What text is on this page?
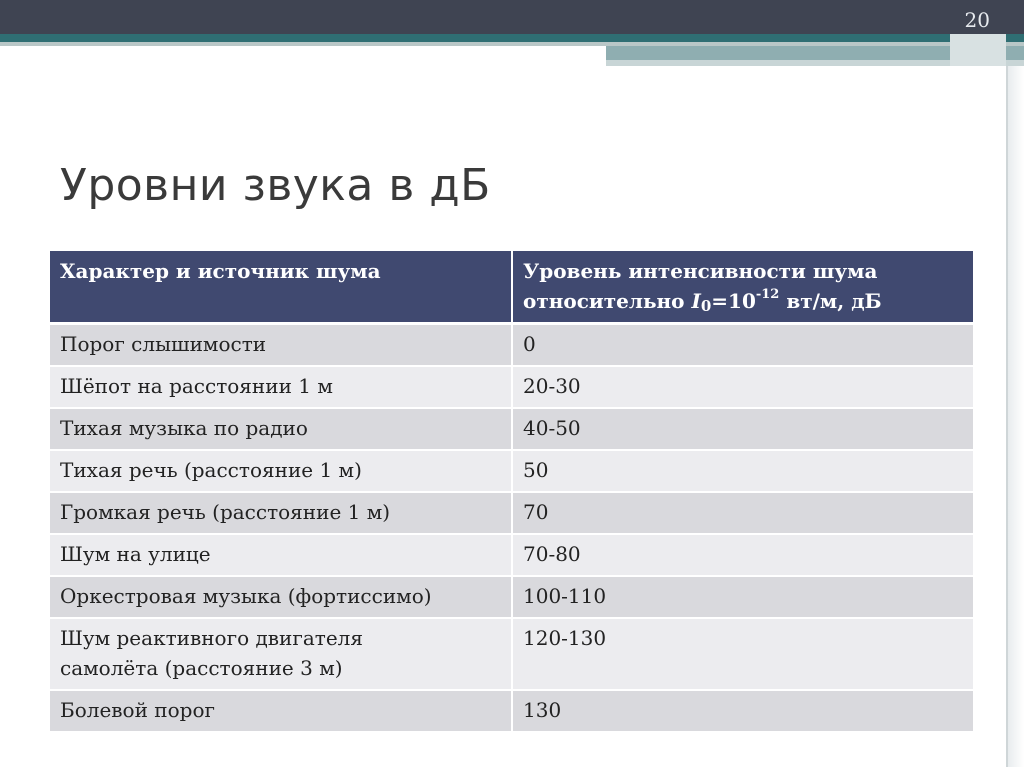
20
Уровни звука в дБ
Характер и источник шума	Уровень интенсивности шума
относительно $I0=10^{-12}$ вт/м, дБ

Порог слышимости	0
Шёпот на расстоянии 1 м	20-30
Тихая музыка по радио	40-50
Тихая речь (расстояние 1 м)	50
Громкая речь (расстояние 1 м)	70
Шум на улице	70-80
Оркестровая музыка (фортиссимо)	100-110

Шум реактивного двигателя
самолёта (расстояние 3 м)	120-130
Болевой порог	130
